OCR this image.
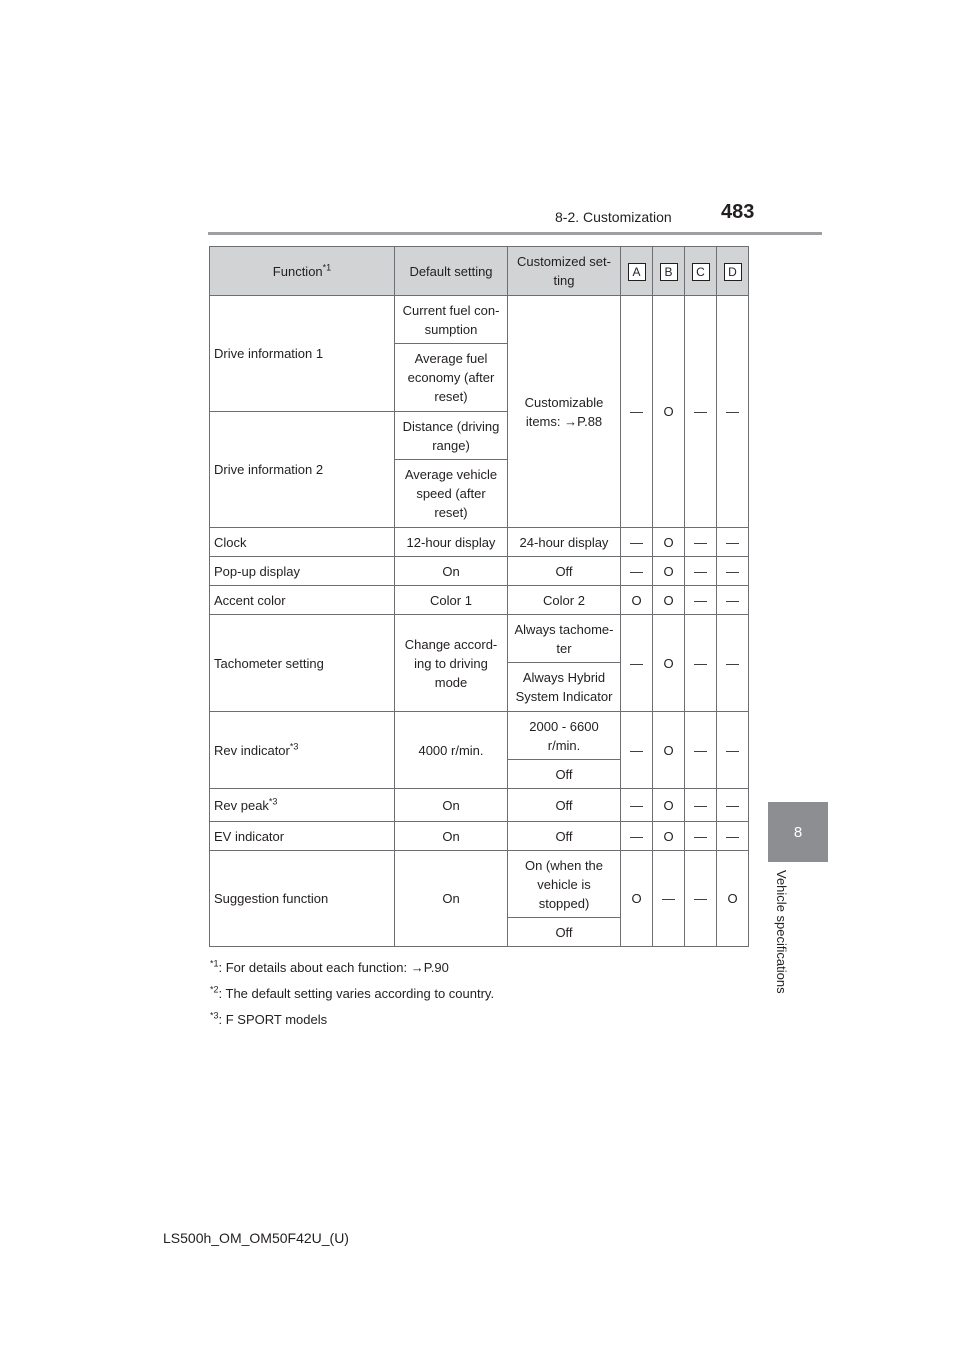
8-2. Customization 483
8
Vehicle specifications
Function$^{*1}$	Default setting	Customized set-ting	A	B	C	D
Drive information 1	Current fuel con-sumption	Customizable items: →P.88	—	O	—	—
	Average fuel economy (after reset)					
Drive information 2	Distance (driving range)					
	Average vehicle speed (after reset)					
Clock	12-hour display	24-hour display	—	O	—	—
Pop-up display	On	Off	—	O	—	—
Accent color	Color 1	Color 2	O	O	—	—
Tachometer setting	Change accord-ing to driving mode	Always tachome-ter	—	O	—	—
		Always Hybrid System Indicator				
Rev indicator$^{*3}$	4000 r/min.	2000 - 6600 r/min.	—	O	—	—
		Off				
Rev peak$^{*3}$	On	Off	—	O	—	—
EV indicator	On	Off	—	O	—	—
Suggestion function	On	On (when the vehicle is stopped)	O	—	—	O
		Off				
$^{*1}$: For details about each function: →P.90
$^{*2}$: The default setting varies according to country.
$^{*3}$: F SPORT models
LS500h_OM_OM50F42U_(U)
